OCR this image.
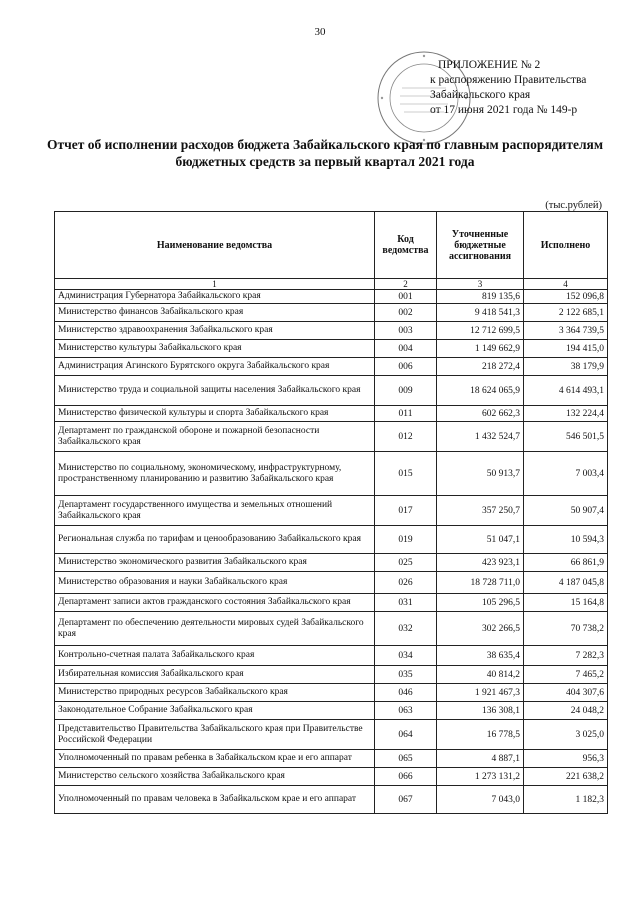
30
ПРИЛОЖЕНИЕ № 2
к распоряжению Правительства
Забайкальского края
от 17 июня 2021 года № 149-р
Отчет об исполнении расходов бюджета Забайкальского края по главным распорядителям
бюджетных средств за первый квартал 2021 года
(тыс.рублей)
Наименование ведомства	Код ведомства	Уточненные бюджетные ассигнования	Исполнено
1	2	3	4
Администрация Губернатора Забайкальского края	001	819 135,6	152 096,8
Министерство финансов Забайкальского края	002	9 418 541,3	2 122 685,1
Министерство здравоохранения Забайкальского края	003	12 712 699,5	3 364 739,5
Министерство культуры Забайкальского края	004	1 149 662,9	194 415,0
Администрация Агинского Бурятского округа Забайкальского края	006	218 272,4	38 179,9
Министерство труда и социальной защиты населения Забайкальского края	009	18 624 065,9	4 614 493,1
Министерство физической культуры и спорта Забайкальского края	011	602 662,3	132 224,4
Департамент по гражданской обороне и пожарной безопасности Забайкальского края	012	1 432 524,7	546 501,5
Министерство по социальному, экономическому, инфраструктурному, пространственному планированию и развитию Забайкальского края	015	50 913,7	7 003,4
Департамент государственного имущества и земельных отношений Забайкальского края	017	357 250,7	50 907,4
Региональная служба по тарифам и ценообразованию Забайкальского края	019	51 047,1	10 594,3
Министерство экономического развития Забайкальского края	025	423 923,1	66 861,9
Министерство образования и науки Забайкальского края	026	18 728 711,0	4 187 045,8
Департамент записи актов гражданского состояния Забайкальского края	031	105 296,5	15 164,8
Департамент по обеспечению деятельности мировых судей Забайкальского края	032	302 266,5	70 738,2
Контрольно-счетная палата Забайкальского края	034	38 635,4	7 282,3
Избирательная комиссия Забайкальского края	035	40 814,2	7 465,2
Министерство природных ресурсов Забайкальского края	046	1 921 467,3	404 307,6
Законодательное Собрание Забайкальского края	063	136 308,1	24 048,2
Представительство Правительства Забайкальского края при Правительстве Российской Федерации	064	16 778,5	3 025,0
Уполномоченный по правам ребенка в Забайкальском крае и его аппарат	065	4 887,1	956,3
Министерство сельского хозяйства Забайкальского края	066	1 273 131,2	221 638,2
Уполномоченный по правам человека в Забайкальском крае и его аппарат	067	7 043,0	1 182,3
